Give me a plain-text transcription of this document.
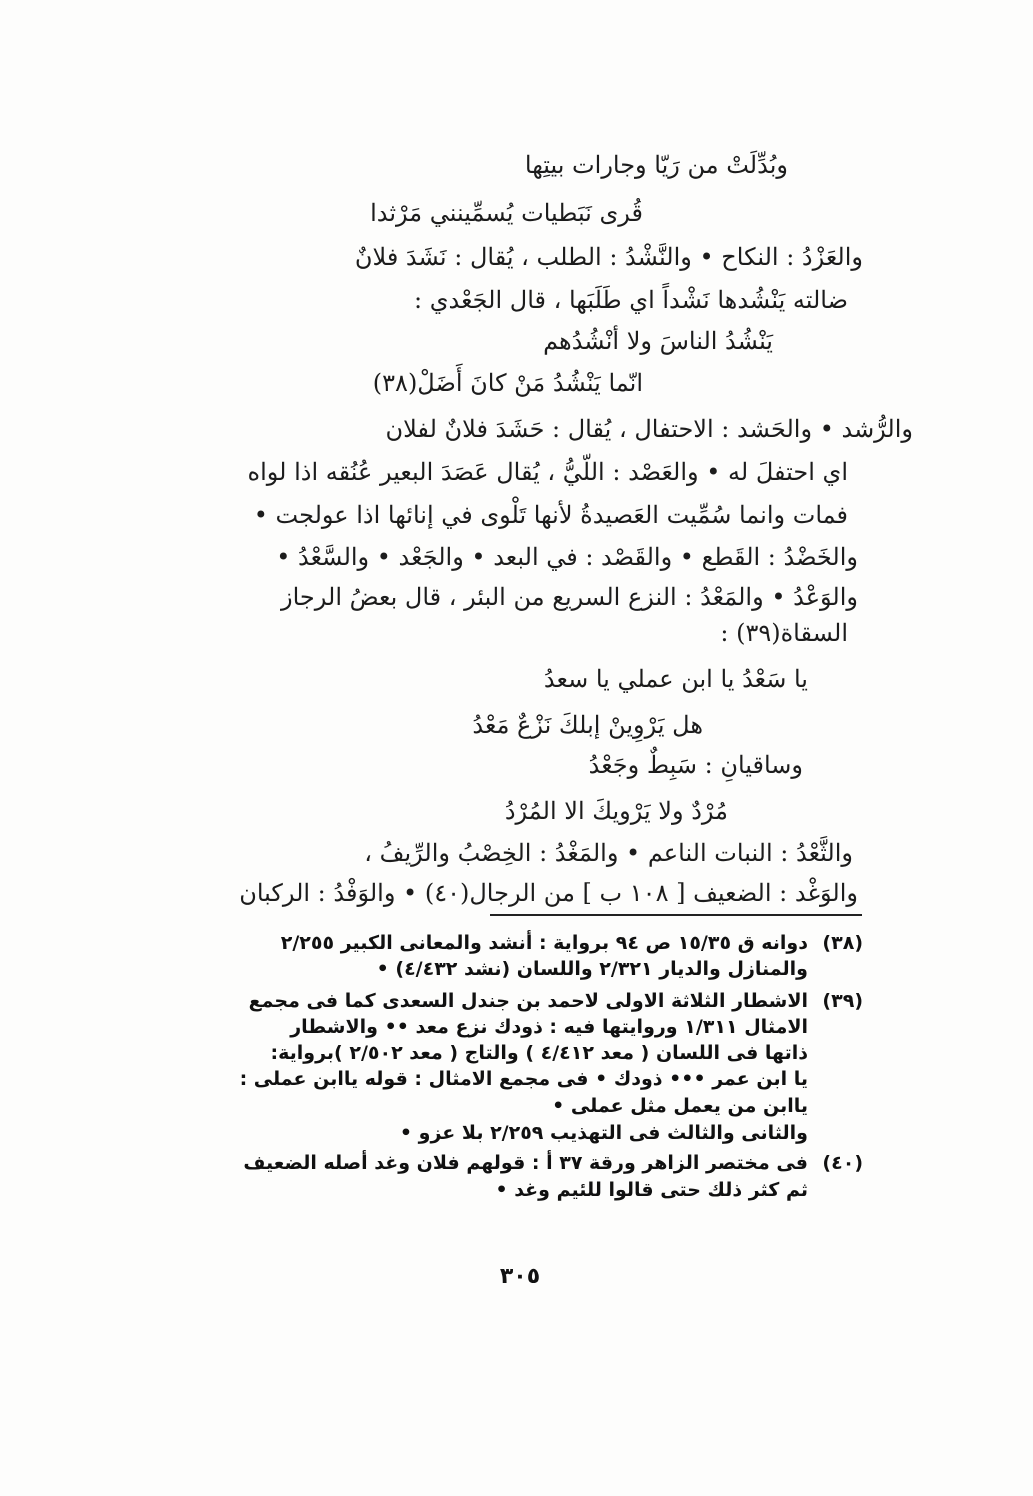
وبُدِّلَتْ من رَيّا وجارات بيتِها
قُرى نَبَطيات يُسمِّينني مَرْثدا
والعَزْدُ : النكاح • والنَّشْدُ : الطلب ، يُقال : نَشَدَ فلانٌ
ضالته يَنْشُدها نَشْداً اي طَلَبَها ، قال الجَعْدي :
يَنْشُدُ الناسَ ولا أنْشُدُهم
انّما يَنْشُدُ مَنْ كانَ أَضَلْ(٣٨)
والرُّشد • والحَشد : الاحتفال ، يُقال : حَشَدَ فلانٌ لفلان
اي احتفلَ له • والعَصْد : اللّيُّ ، يُقال عَصَدَ البعير عُنُقه اذا لواه
فمات وانما سُمِّيت العَصيدةُ لأنها تَلْوى في إنائها اذا عولجت •
والخَضْدُ : القَطع • والقَصْد : في البعد • والجَعْد • والسَّعْدُ •
والوَعْدُ • والمَعْدُ : النزع السريع من البئر ، قال بعضُ الرجاز
السقاة(٣٩) :
يا سَعْدُ يا ابن عملي يا سعدُ
هل يَرْوِينْ إبلكَ نَزْعٌ مَعْدُ
وساقيانِ : سَبِطٌ وجَعْدُ
مُرْدٌ ولا يَرْويكَ الا المُرْدُ
والثَّعْدُ : النبات الناعم • والمَغْدُ : الخِصْبُ والرِّيفُ ،
والوَغْد : الضعيف [ ١٠٨ ب ] من الرجال(٤٠) • والوَفْدُ : الركبان
(٣٨)
دوانه ق ١٥/٣٥ ص ٩٤ برواية : أنشد والمعانى الكبير ٢/٢٥٥
والمنازل والديار ٢/٣٢١ واللسان (نشد ٤/٤٣٢) •
(٣٩)
الاشطار الثلاثة الاولى لاحمد بن جندل السعدى كما فى مجمع
الامثال ١/٣١١ وروايتها فيه : ذودك نزع معد •• والاشطار
ذاتها فى اللسان ( معد ٤/٤١٢ ) والتاج ( معد ٢/٥٠٢ )برواية:
يا ابن عمر ••• ذودك • فى مجمع الامثال : قوله ياابن عملى :
ياابن من يعمل مثل عملى •
والثانى والثالث فى التهذيب ٢/٢٥٩ بلا عزو •
(٤٠)
فى مختصر الزاهر ورقة ٣٧ أ : قولهم فلان وغد أصله الضعيف
ثم كثر ذلك حتى قالوا للئيم وغد •
٣٠٥
